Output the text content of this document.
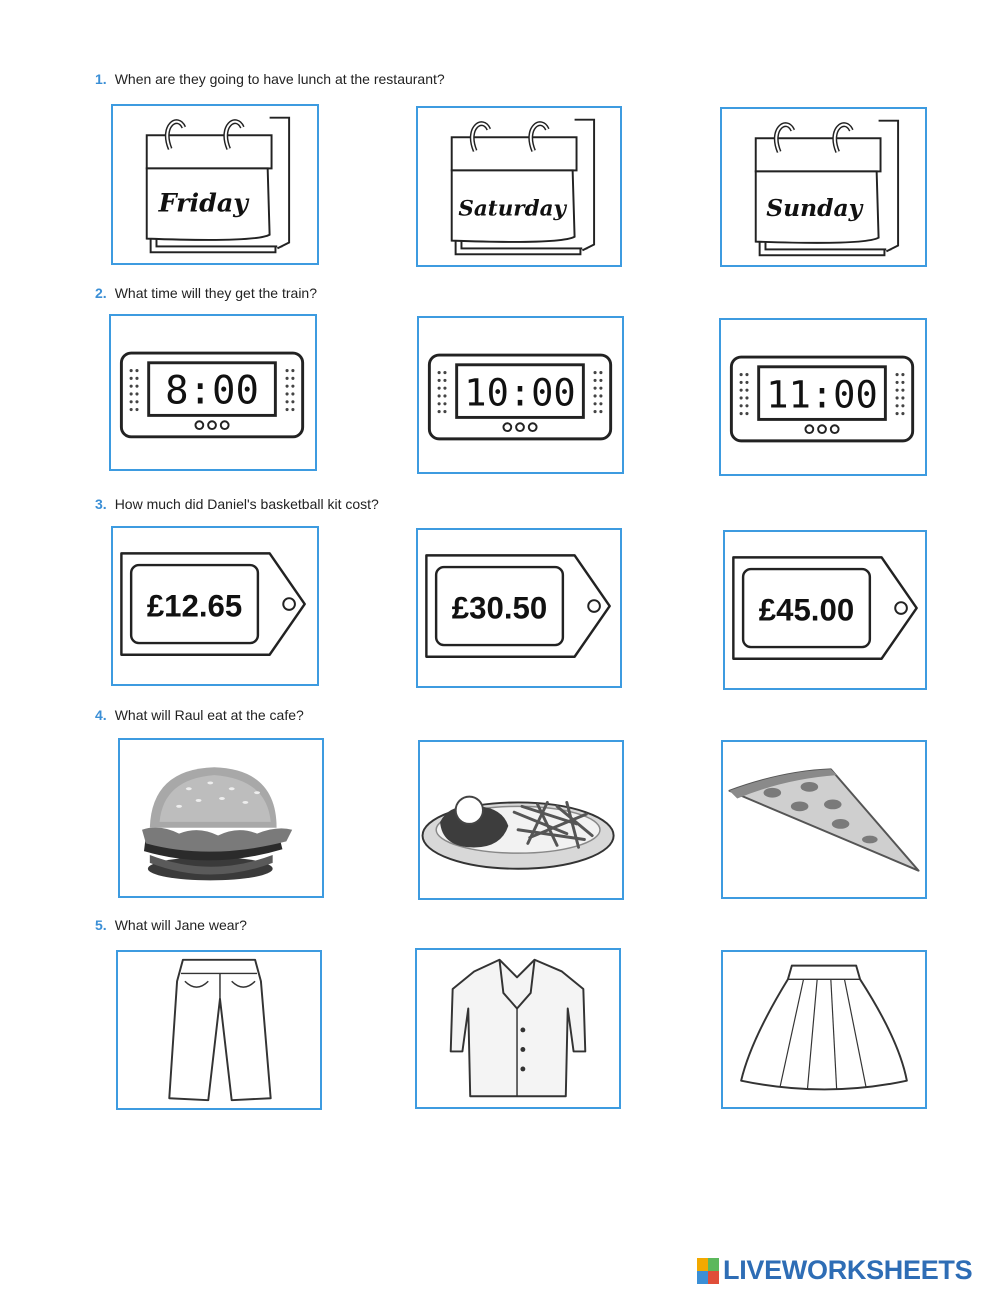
1. When are they going to have lunch at the restaurant?
Friday	Saturday	Sunday
2. What time will they get the train?
8:00	10:00	11:00
3. How much did Daniel's basketball kit cost?
£12.65	£30.50	£45.00
4. What will Raul eat at the cafe?
5. What will Jane wear?
LIVEWORKSHEETS
